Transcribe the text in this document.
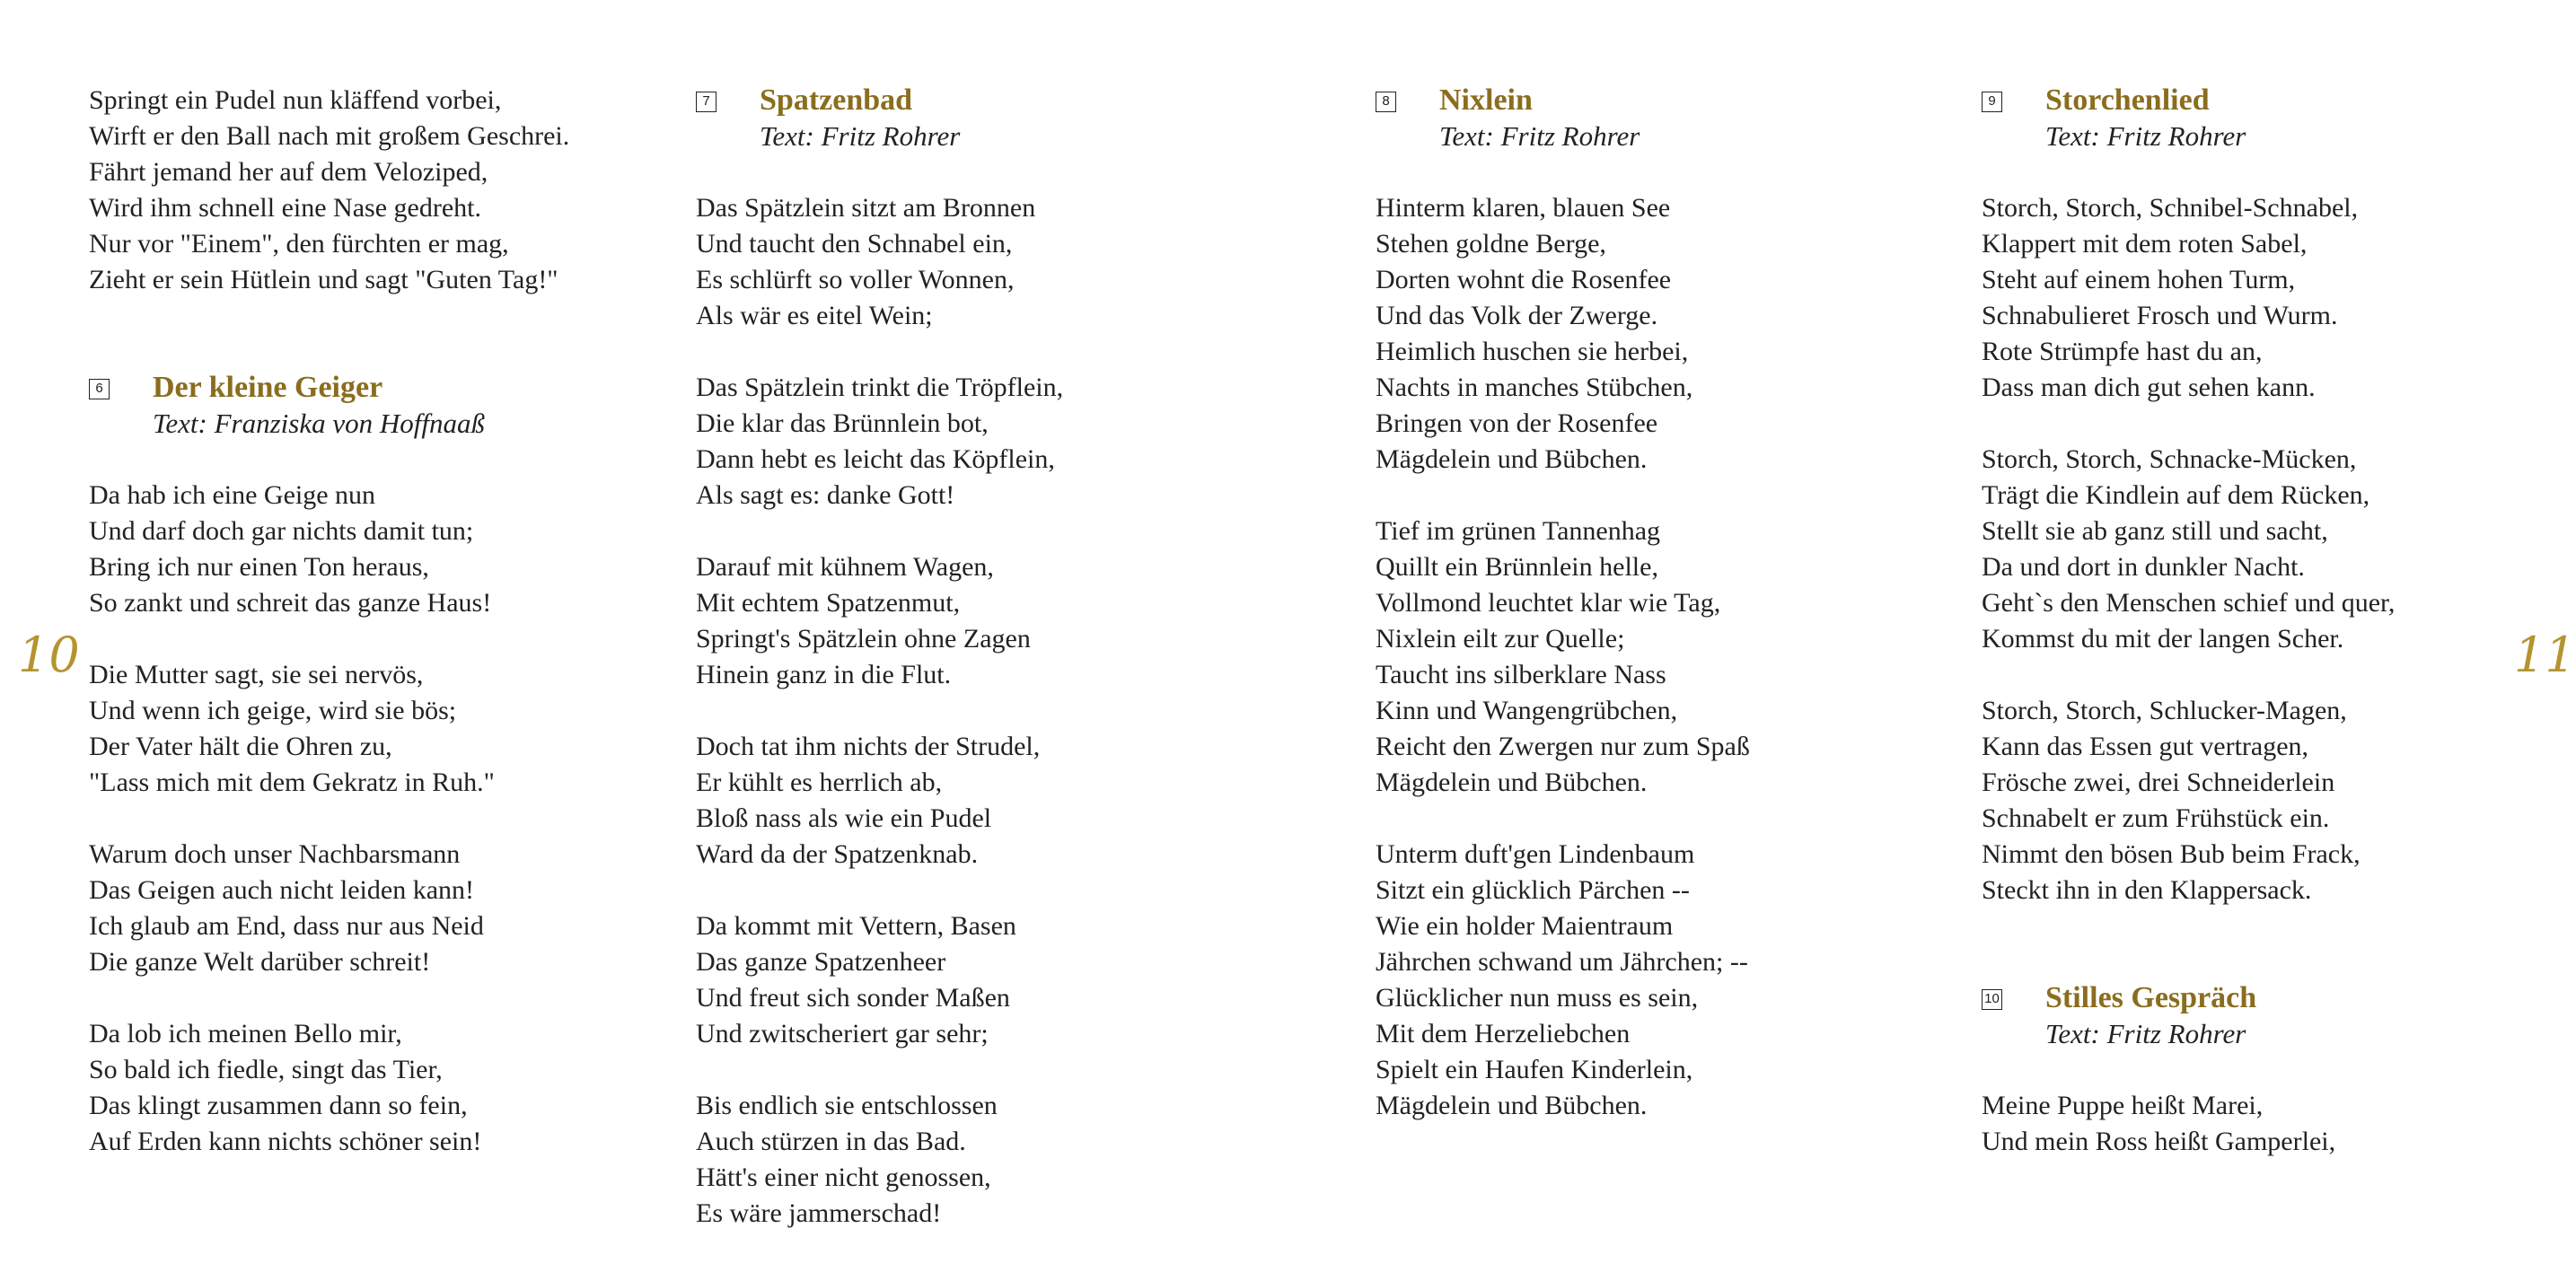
10	11
Springt ein Pudel nun kläffend vorbei,
Wirft er den Ball nach mit großem Geschrei.
Fährt jemand her auf dem Veloziped,
Wird ihm schnell eine Nase gedreht.
Nur vor "Einem", den fürchten er mag,
Zieht er sein Hütlein und sagt "Guten Tag!"
6 Der kleine Geiger
Text: Franziska von Hoffnaaß
Da hab ich eine Geige nun
Und darf doch gar nichts damit tun;
Bring ich nur einen Ton heraus,
So zankt und schreit das ganze Haus!
Die Mutter sagt, sie sei nervös,
Und wenn ich geige, wird sie bös;
Der Vater hält die Ohren zu,
"Lass mich mit dem Gekratz in Ruh."
Warum doch unser Nachbarsmann
Das Geigen auch nicht leiden kann!
Ich glaub am End, dass nur aus Neid
Die ganze Welt darüber schreit!
Da lob ich meinen Bello mir,
So bald ich fiedle, singt das Tier,
Das klingt zusammen dann so fein,
Auf Erden kann nichts schöner sein!
7 Spatzenbad
Text: Fritz Rohrer
Das Spätzlein sitzt am Bronnen
Und taucht den Schnabel ein,
Es schlürft so voller Wonnen,
Als wär es eitel Wein;
Das Spätzlein trinkt die Tröpflein,
Die klar das Brünnlein bot,
Dann hebt es leicht das Köpflein,
Als sagt es: danke Gott!
Darauf mit kühnem Wagen,
Mit echtem Spatzenmut,
Springt's Spätzlein ohne Zagen
Hinein ganz in die Flut.
Doch tat ihm nichts der Strudel,
Er kühlt es herrlich ab,
Bloß nass als wie ein Pudel
Ward da der Spatzenknab.
Da kommt mit Vettern, Basen
Das ganze Spatzenheer
Und freut sich sonder Maßen
Und zwitscheriert gar sehr;
Bis endlich sie entschlossen
Auch stürzen in das Bad.
Hätt's einer nicht genossen,
Es wäre jammerschad!
8 Nixlein
Text: Fritz Rohrer
Hinterm klaren, blauen See
Stehen goldne Berge,
Dorten wohnt die Rosenfee
Und das Volk der Zwerge.
Heimlich huschen sie herbei,
Nachts in manches Stübchen,
Bringen von der Rosenfee
Mägdelein und Bübchen.
Tief im grünen Tannenhag
Quillt ein Brünnlein helle,
Vollmond leuchtet klar wie Tag,
Nixlein eilt zur Quelle;
Taucht ins silberklare Nass
Kinn und Wangengrübchen,
Reicht den Zwergen nur zum Spaß
Mägdelein und Bübchen.
Unterm duft'gen Lindenbaum
Sitzt ein glücklich Pärchen --
Wie ein holder Maientraum
Jährchen schwand um Jährchen; --
Glücklicher nun muss es sein,
Mit dem Herzeliebchen
Spielt ein Haufen Kinderlein,
Mägdelein und Bübchen.
9 Storchenlied
Text: Fritz Rohrer
Storch, Storch, Schnibel-Schnabel,
Klappert mit dem roten Sabel,
Steht auf einem hohen Turm,
Schnabulieret Frosch und Wurm.
Rote Strümpfe hast du an,
Dass man dich gut sehen kann.
Storch, Storch, Schnacke-Mücken,
Trägt die Kindlein auf dem Rücken,
Stellt sie ab ganz still und sacht,
Da und dort in dunkler Nacht.
Geht`s den Menschen schief und quer,
Kommst du mit der langen Scher.
Storch, Storch, Schlucker-Magen,
Kann das Essen gut vertragen,
Frösche zwei, drei Schneiderlein
Schnabelt er zum Frühstück ein.
Nimmt den bösen Bub beim Frack,
Steckt ihn in den Klappersack.
10 Stilles Gespräch
Text: Fritz Rohrer
Meine Puppe heißt Marei,
Und mein Ross heißt Gamperlei,
